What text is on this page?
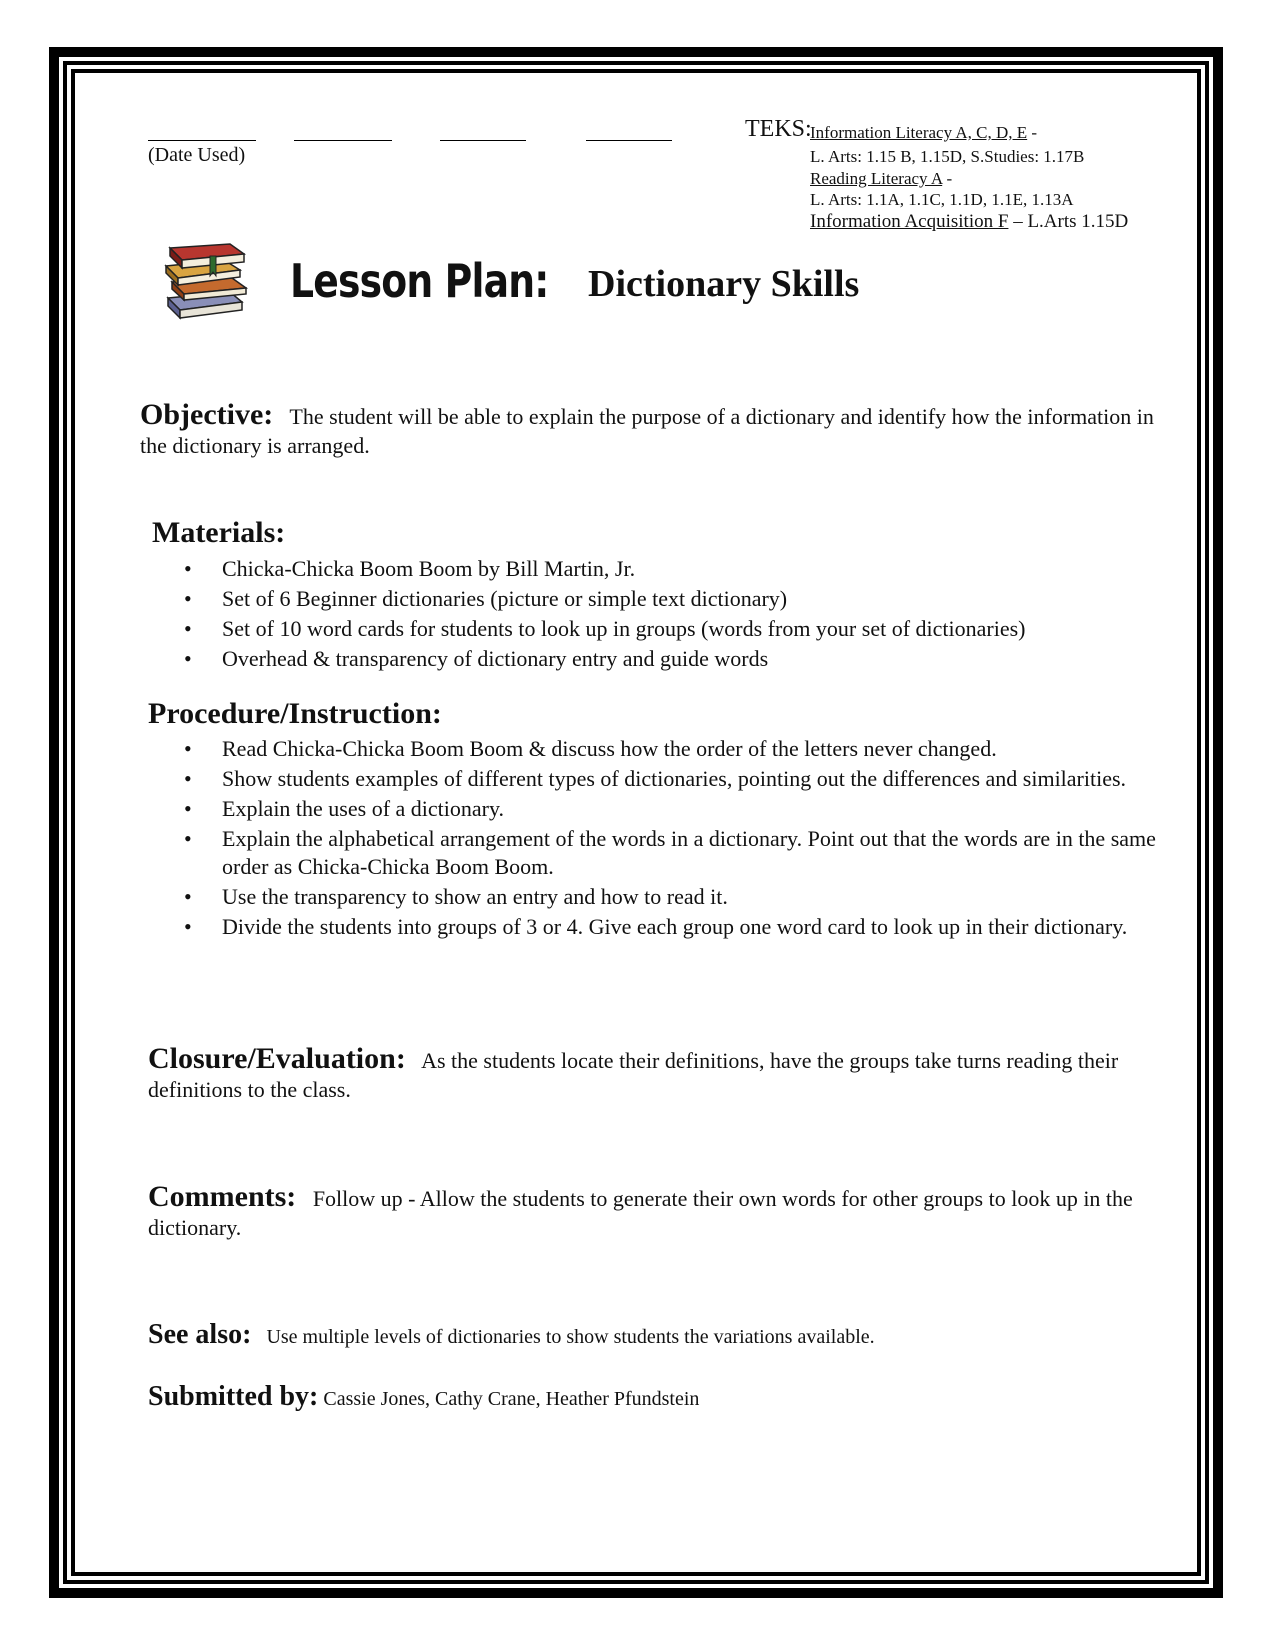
(Date Used)
TEKS:
Information Literacy A, C, D, E -
L. Arts: 1.15 B, 1.15D, S.Studies: 1.17B
Reading Literacy A -
L. Arts: 1.1A, 1.1C, 1.1D, 1.1E, 1.13A
Information Acquisition F – L.Arts 1.15D
Lesson Plan: Dictionary Skills
Objective: The student will be able to explain the purpose of a dictionary and identify how the information in the dictionary is arranged.
Materials:
• Chicka-Chicka Boom Boom by Bill Martin, Jr.
• Set of 6 Beginner dictionaries (picture or simple text dictionary)
• Set of 10 word cards for students to look up in groups (words from your set of dictionaries)
• Overhead & transparency of dictionary entry and guide words
Procedure/Instruction:
• Read Chicka-Chicka Boom Boom & discuss how the order of the letters never changed.
• Show students examples of different types of dictionaries, pointing out the differences and similarities.
• Explain the uses of a dictionary.
• Explain the alphabetical arrangement of the words in a dictionary. Point out that the words are in the same order as Chicka-Chicka Boom Boom.
• Use the transparency to show an entry and how to read it.
• Divide the students into groups of 3 or 4. Give each group one word card to look up in their dictionary.
Closure/Evaluation: As the students locate their definitions, have the groups take turns reading their definitions to the class.
Comments: Follow up - Allow the students to generate their own words for other groups to look up in the dictionary.
See also: Use multiple levels of dictionaries to show students the variations available.
Submitted by: Cassie Jones, Cathy Crane, Heather Pfundstein
